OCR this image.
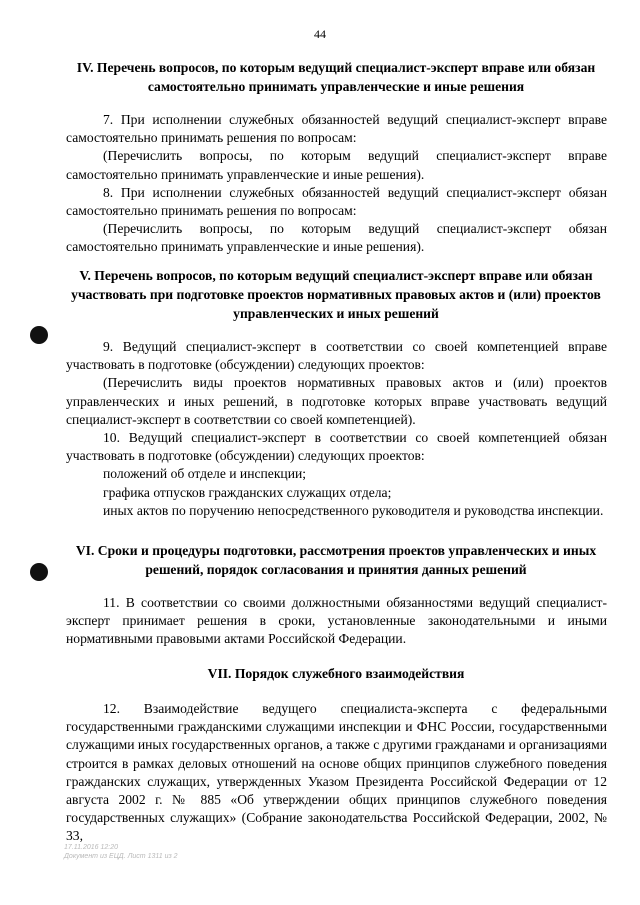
44
IV. Перечень вопросов, по которым ведущий специалист-эксперт вправе или обязан самостоятельно принимать управленческие и иные решения

7. При исполнении служебных обязанностей ведущий специалист-эксперт вправе самостоятельно принимать решения по вопросам:

(Перечислить вопросы, по которым ведущий специалист-эксперт вправе самостоятельно принимать управленческие и иные решения).

8. При исполнении служебных обязанностей ведущий специалист-эксперт обязан самостоятельно принимать решения по вопросам:

(Перечислить вопросы, по которым ведущий специалист-эксперт обязан самостоятельно принимать управленческие и иные решения).

V. Перечень вопросов, по которым ведущий специалист-эксперт вправе или обязан участвовать при подготовке проектов нормативных правовых актов и (или) проектов управленческих и иных решений

9. Ведущий специалист-эксперт в соответствии со своей компетенцией вправе участвовать в подготовке (обсуждении) следующих проектов:

(Перечислить виды проектов нормативных правовых актов и (или) проектов управленческих и иных решений, в подготовке которых вправе участвовать ведущий специалист-эксперт в соответствии со своей компетенцией).

10. Ведущий специалист-эксперт в соответствии со своей компетенцией обязан участвовать в подготовке (обсуждении) следующих проектов:

положений об отделе и инспекции;

графика отпусков гражданских служащих отдела;

иных актов по поручению непосредственного руководителя и руководства инспекции.

VI. Сроки и процедуры подготовки, рассмотрения проектов управленческих и иных решений, порядок согласования и принятия данных решений

11. В соответствии со своими должностными обязанностями ведущий специалист-эксперт принимает решения в сроки, установленные законодательными и иными нормативными правовыми актами Российской Федерации.

VII. Порядок служебного взаимодействия

12. Взаимодействие ведущего специалиста-эксперта с федеральными государственными гражданскими служащими инспекции и ФНС России, государственными служащими иных государственных органов, а также с другими гражданами и организациями строится в рамках деловых отношений на основе общих принципов служебного поведения гражданских служащих, утвержденных Указом Президента Российской Федерации от 12 августа 2002 г. № 885 «Об утверждении общих принципов служебного поведения государственных служащих» (Собрание законодательства Российской Федерации, 2002, № 33,

17.11.2016 12:20
Документ из ЕЦД. Лист 1311 из 2
